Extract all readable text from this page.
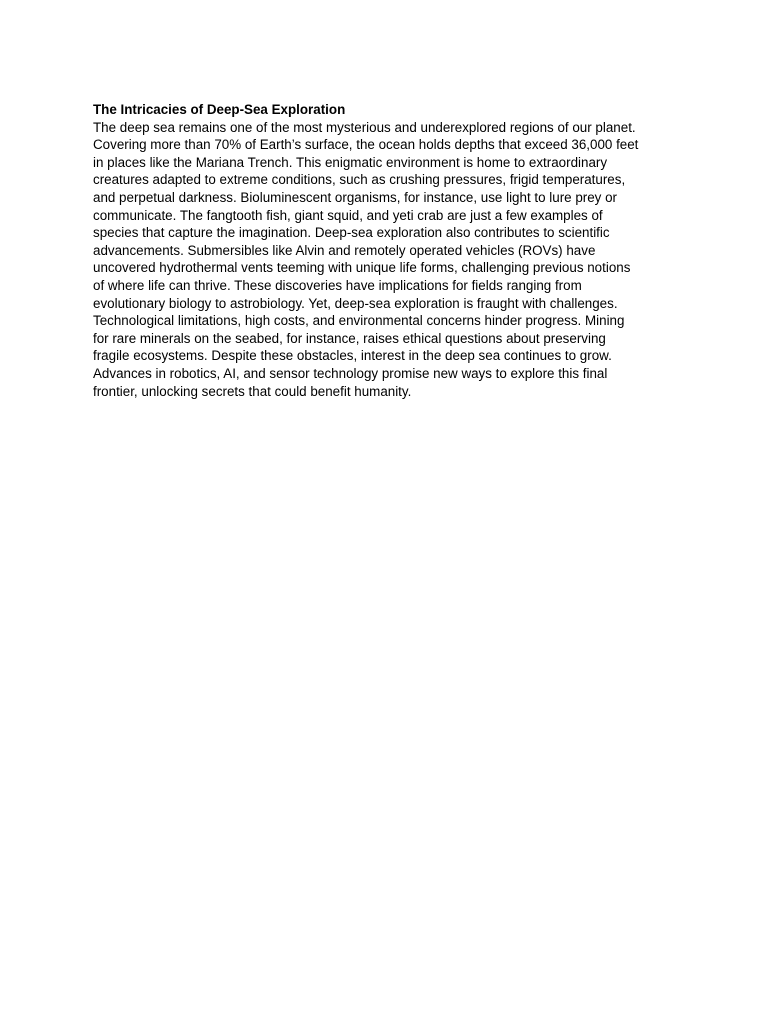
The Intricacies of Deep-Sea Exploration
The deep sea remains one of the most mysterious and underexplored regions of our planet.
Covering more than 70% of Earth’s surface, the ocean holds depths that exceed 36,000 feet
in places like the Mariana Trench. This enigmatic environment is home to extraordinary
creatures adapted to extreme conditions, such as crushing pressures, frigid temperatures,
and perpetual darkness. Bioluminescent organisms, for instance, use light to lure prey or
communicate. The fangtooth fish, giant squid, and yeti crab are just a few examples of
species that capture the imagination. Deep-sea exploration also contributes to scientific
advancements. Submersibles like Alvin and remotely operated vehicles (ROVs) have
uncovered hydrothermal vents teeming with unique life forms, challenging previous notions
of where life can thrive. These discoveries have implications for fields ranging from
evolutionary biology to astrobiology. Yet, deep-sea exploration is fraught with challenges.
Technological limitations, high costs, and environmental concerns hinder progress. Mining
for rare minerals on the seabed, for instance, raises ethical questions about preserving
fragile ecosystems. Despite these obstacles, interest in the deep sea continues to grow.
Advances in robotics, AI, and sensor technology promise new ways to explore this final
frontier, unlocking secrets that could benefit humanity.
